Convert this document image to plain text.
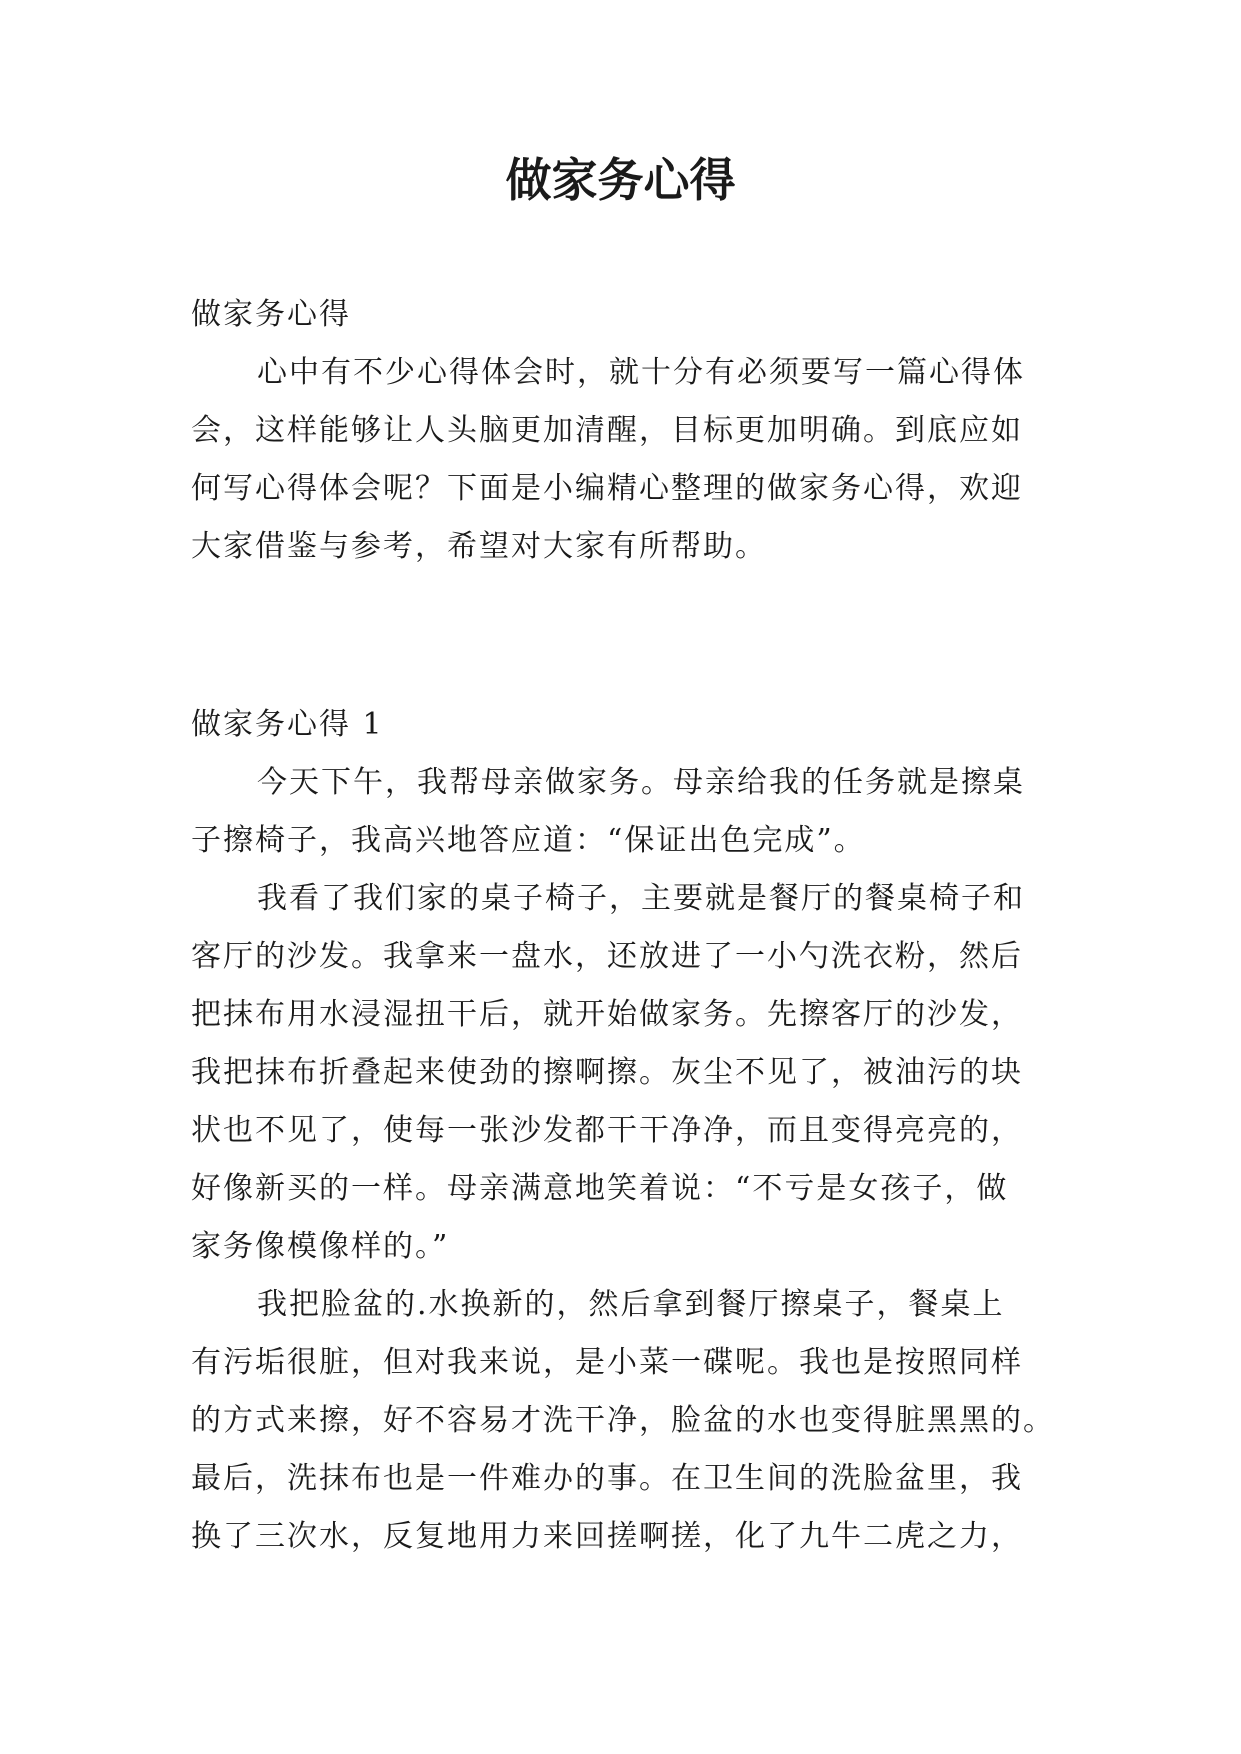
做家务心得
做家务心得
心中有不少心得体会时，就十分有必须要写一篇心得体
会，这样能够让人头脑更加清醒，目标更加明确。到底应如
何写心得体会呢？下面是小编精心整理的做家务心得，欢迎
大家借鉴与参考，希望对大家有所帮助。
做家务心得 1
今天下午，我帮母亲做家务。母亲给我的任务就是擦桌
子擦椅子，我高兴地答应道：“保证出色完成”。
我看了我们家的桌子椅子，主要就是餐厅的餐桌椅子和
客厅的沙发。我拿来一盘水，还放进了一小勺洗衣粉，然后
把抹布用水浸湿扭干后，就开始做家务。先擦客厅的沙发，
我把抹布折叠起来使劲的擦啊擦。灰尘不见了，被油污的块
状也不见了，使每一张沙发都干干净净，而且变得亮亮的，
好像新买的一样。母亲满意地笑着说：“不亏是女孩子，做
家务像模像样的。”
我把脸盆的.水换新的，然后拿到餐厅擦桌子，餐桌上
有污垢很脏，但对我来说，是小菜一碟呢。我也是按照同样
的方式来擦，好不容易才洗干净，脸盆的水也变得脏黑黑的。
最后，洗抹布也是一件难办的事。在卫生间的洗脸盆里，我
换了三次水，反复地用力来回搓啊搓，化了九牛二虎之力，
